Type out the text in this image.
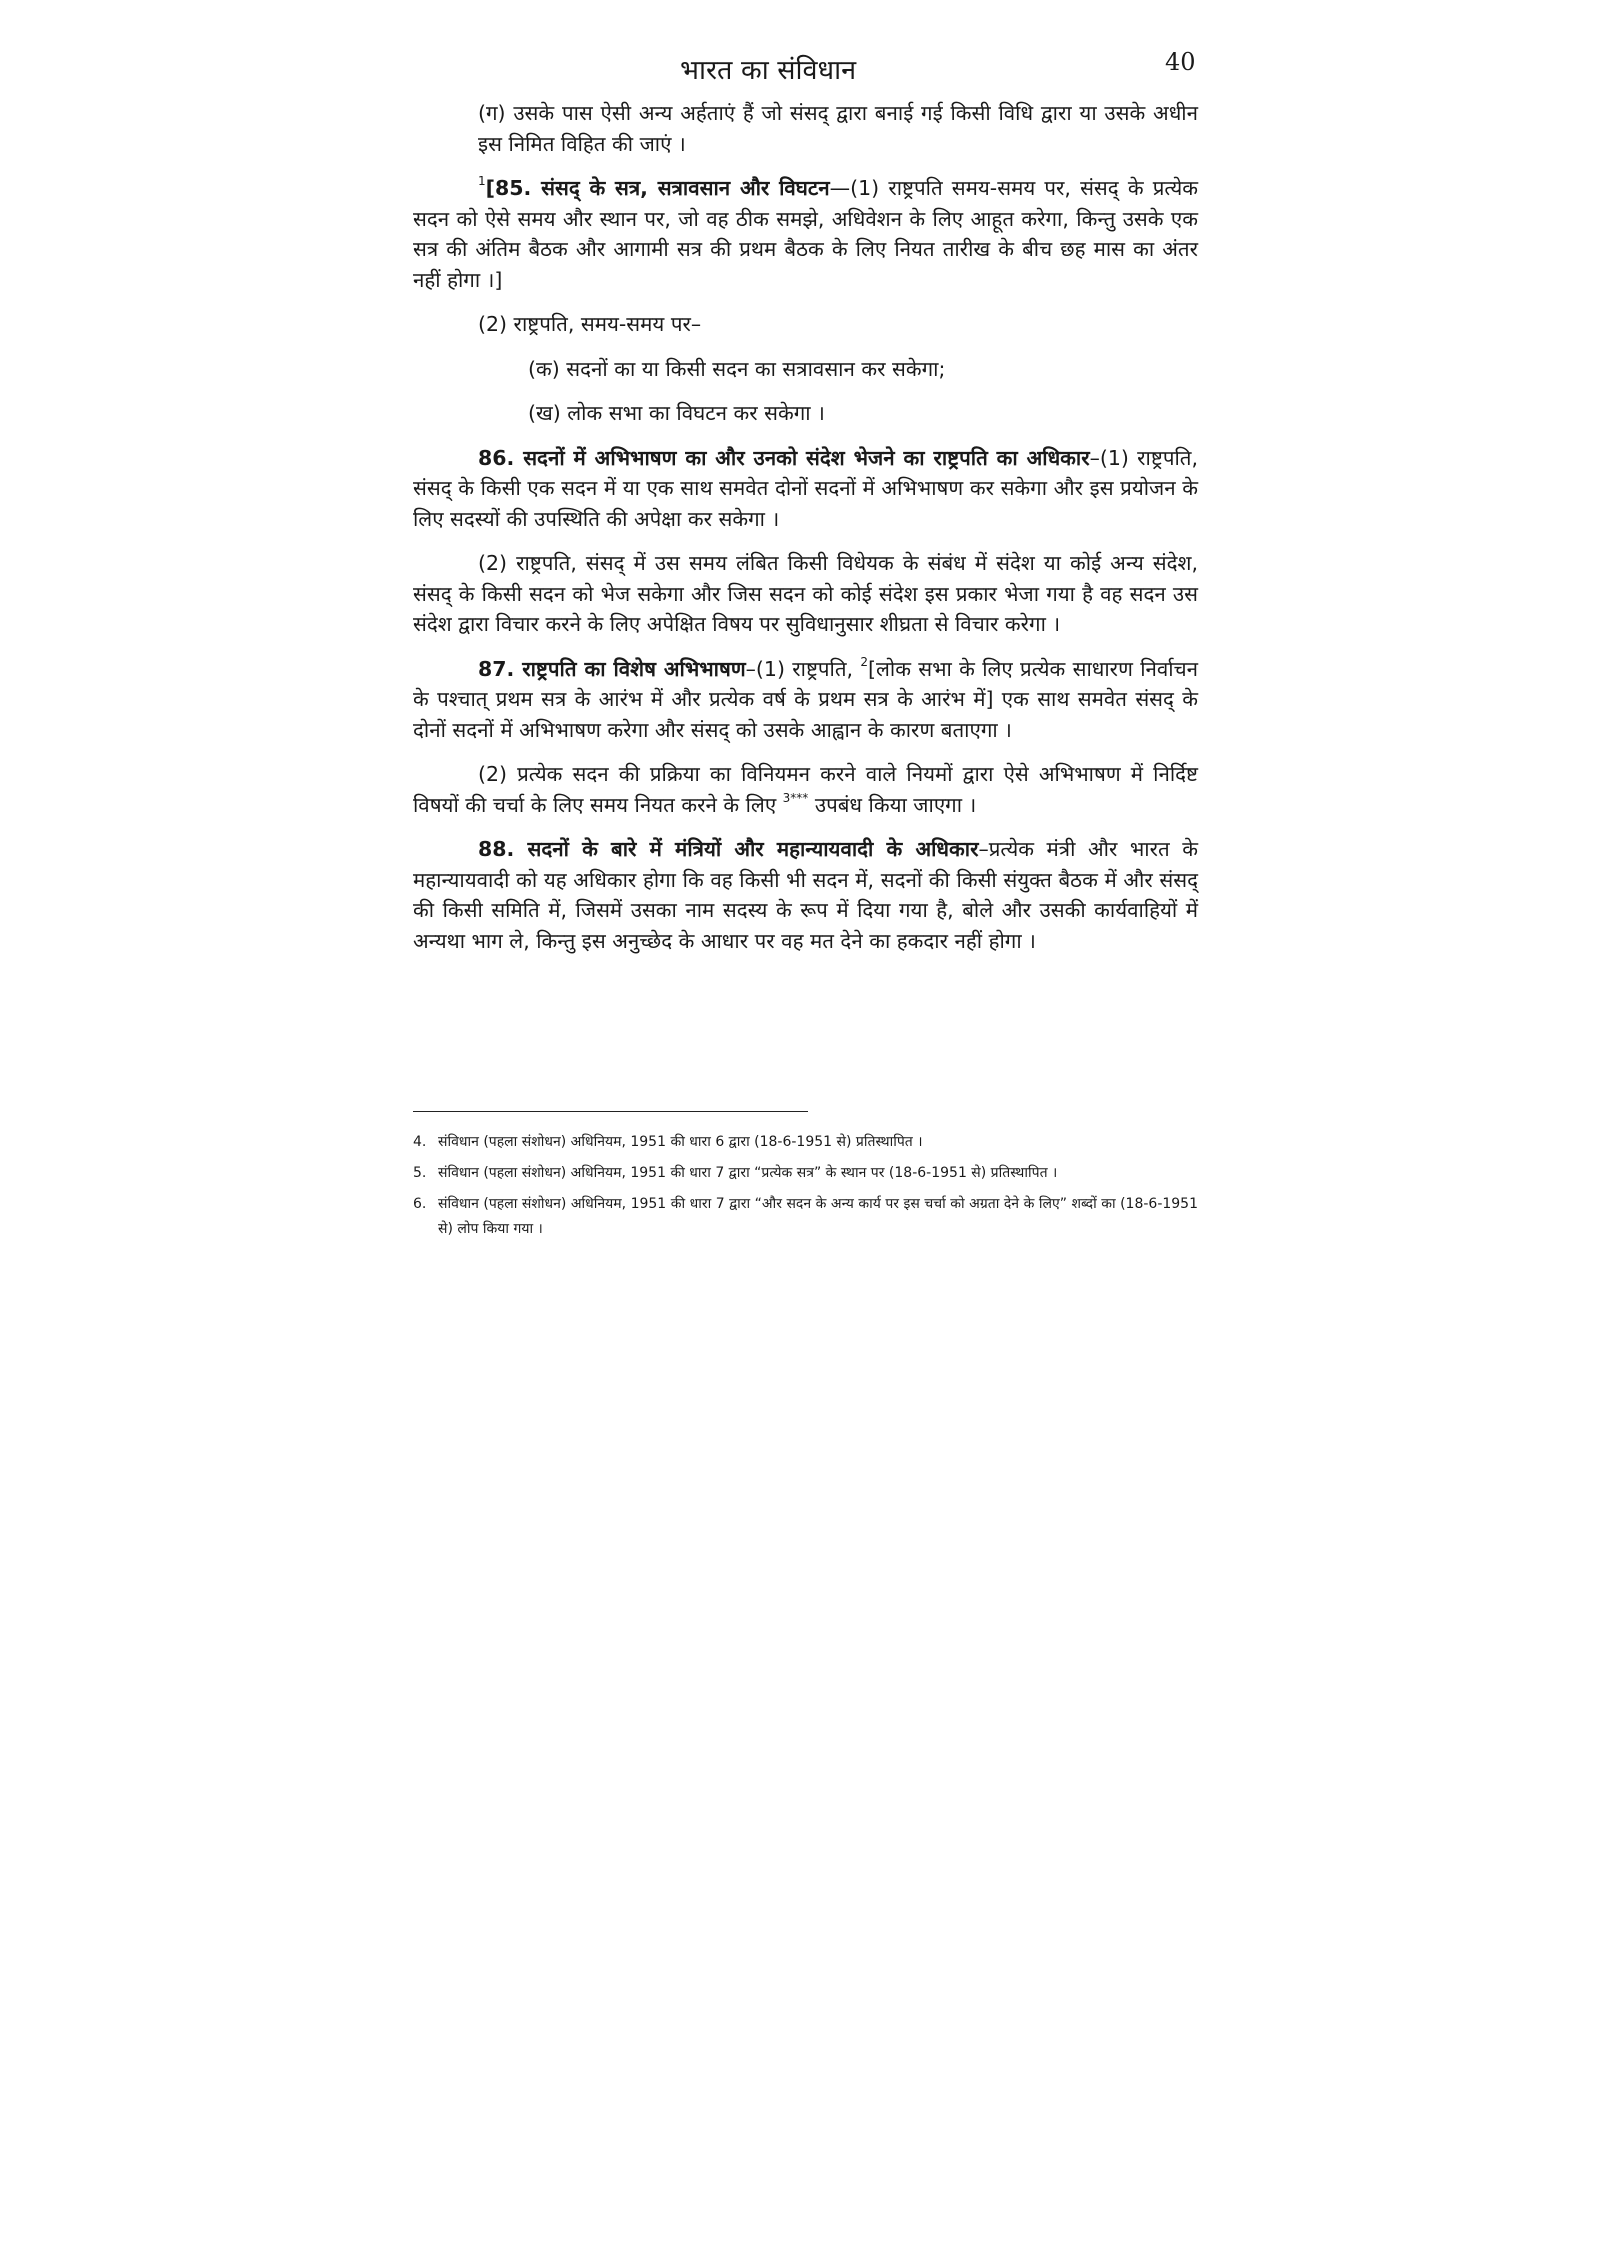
भारत का संविधान	40

(ग) उसके पास ऐसी अन्य अर्हताएं हैं जो संसद् द्वारा बनाई गई किसी विधि द्वारा या उसके अधीन इस निमित विहित की जाएं ।

$^1$[85. संसद् के सत्र, सत्रावसान और विघटन—(1) राष्ट्रपति समय-समय पर, संसद् के प्रत्येक सदन को ऐसे समय और स्थान पर, जो वह ठीक समझे, अधिवेशन के लिए आहूत करेगा, किन्तु उसके एक सत्र की अंतिम बैठक और आगामी सत्र की प्रथम बैठक के लिए नियत तारीख के बीच छह मास का अंतर नहीं होगा ।]

(2) राष्ट्रपति, समय-समय पर–

(क) सदनों का या किसी सदन का सत्रावसान कर सकेगा;

(ख) लोक सभा का विघटन कर सकेगा ।

86. सदनों में अभिभाषण का और उनको संदेश भेजने का राष्ट्रपति का अधिकार–(1) राष्ट्रपति, संसद् के किसी एक सदन में या एक साथ समवेत दोनों सदनों में अभिभाषण कर सकेगा और इस प्रयोजन के लिए सदस्यों की उपस्थिति की अपेक्षा कर सकेगा ।

(2) राष्ट्रपति, संसद् में उस समय लंबित किसी विधेयक के संबंध में संदेश या कोई अन्य संदेश, संसद् के किसी सदन को भेज सकेगा और जिस सदन को कोई संदेश इस प्रकार भेजा गया है वह सदन उस संदेश द्वारा विचार करने के लिए अपेक्षित विषय पर सुविधानुसार शीघ्रता से विचार करेगा ।

87. राष्ट्रपति का विशेष अभिभाषण–(1) राष्ट्रपति, $^2$[लोक सभा के लिए प्रत्येक साधारण निर्वाचन के पश्चात् प्रथम सत्र के आरंभ में और प्रत्येक वर्ष के प्रथम सत्र के आरंभ में] एक साथ समवेत संसद् के दोनों सदनों में अभिभाषण करेगा और संसद् को उसके आह्वान के कारण बताएगा ।

(2) प्रत्येक सदन की प्रक्रिया का विनियमन करने वाले नियमों द्वारा ऐसे अभिभाषण में निर्दिष्ट विषयों की चर्चा के लिए समय नियत करने के लिए $^{3***}$ उपबंध किया जाएगा ।

88. सदनों के बारे में मंत्रियों और महान्यायवादी के अधिकार–प्रत्येक मंत्री और भारत के महान्यायवादी को यह अधिकार होगा कि वह किसी भी सदन में, सदनों की किसी संयुक्त बैठक में और संसद् की किसी समिति में, जिसमें उसका नाम सदस्य के रूप में दिया गया है, बोले और उसकी कार्यवाहियों में अन्यथा भाग ले, किन्तु इस अनुच्छेद के आधार पर वह मत देने का हकदार नहीं होगा ।

4. संविधान (पहला संशोधन) अधिनियम, 1951 की धारा 6 द्वारा (18-6-1951 से) प्रतिस्थापित ।
5. संविधान (पहला संशोधन) अधिनियम, 1951 की धारा 7 द्वारा “प्रत्येक सत्र” के स्थान पर (18-6-1951 से) प्रतिस्थापित ।
6. संविधान (पहला संशोधन) अधिनियम, 1951 की धारा 7 द्वारा “और सदन के अन्य कार्य पर इस चर्चा को अग्रता देने के लिए” शब्दों का (18-6-1951 से) लोप किया गया ।
